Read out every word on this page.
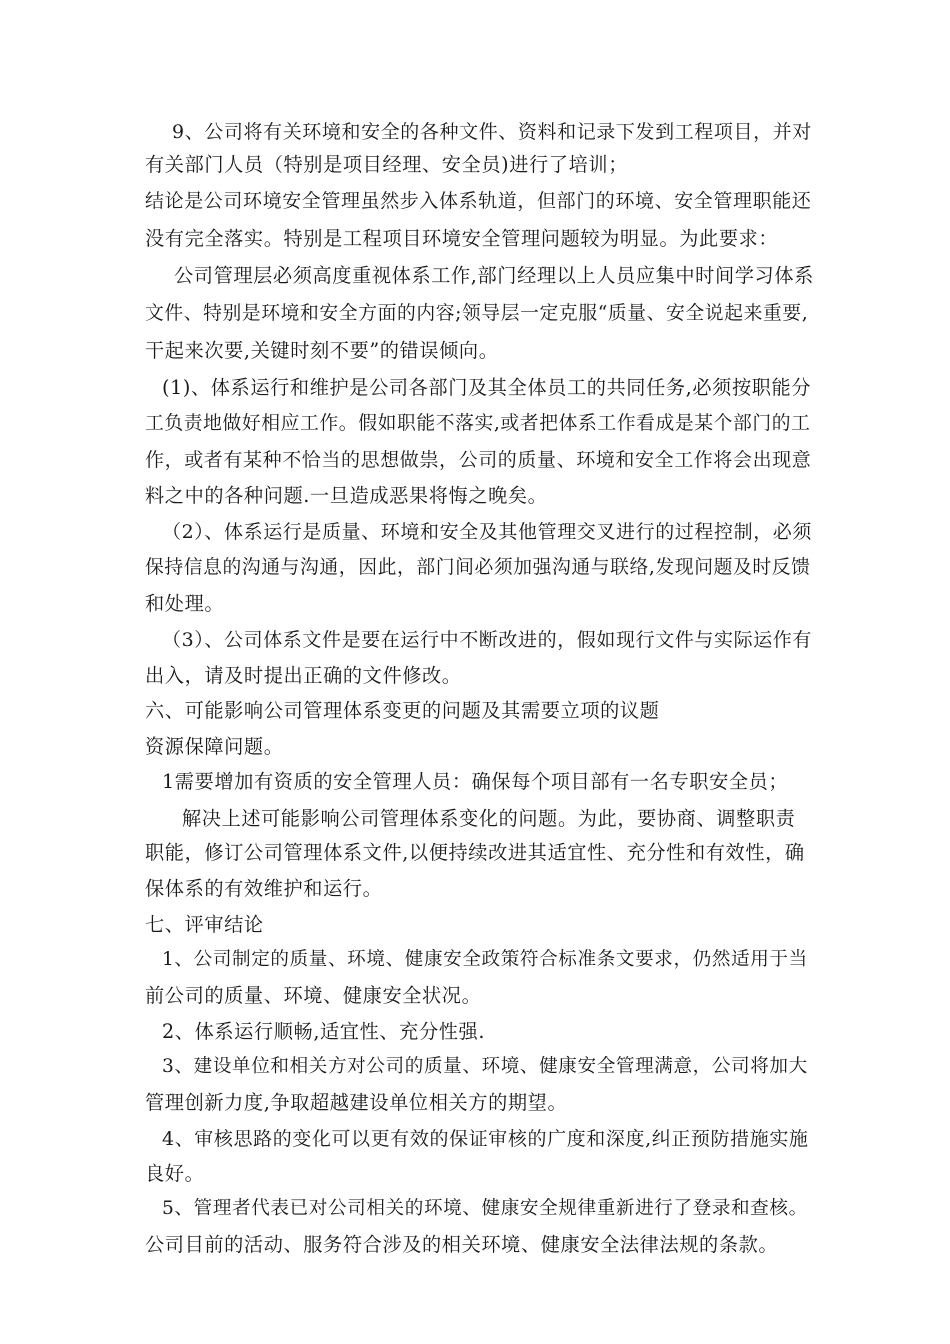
9、公司将有关环境和安全的各种文件、资料和记录下发到工程项目，并对
有关部门人员（特别是项目经理、安全员)进行了培训；
结论是公司环境安全管理虽然步入体系轨道，但部门的环境、安全管理职能还
没有完全落实。特别是工程项目环境安全管理问题较为明显。为此要求：
公司管理层必须高度重视体系工作,部门经理以上人员应集中时间学习体系
文件、特别是环境和安全方面的内容;领导层一定克服“质量、安全说起来重要,
干起来次要,关键时刻不要”的错误倾向。
(1)、体系运行和维护是公司各部门及其全体员工的共同任务,必须按职能分
工负责地做好相应工作。假如职能不落实,或者把体系工作看成是某个部门的工
作，或者有某种不恰当的思想做祟，公司的质量、环境和安全工作将会出现意
料之中的各种问题.一旦造成恶果将悔之晚矣。
（2）、体系运行是质量、环境和安全及其他管理交叉进行的过程控制，必须
保持信息的沟通与沟通，因此，部门间必须加强沟通与联络,发现问题及时反馈
和处理。
（3）、公司体系文件是要在运行中不断改进的，假如现行文件与实际运作有
出入，请及时提出正确的文件修改。
六、可能影响公司管理体系变更的问题及其需要立项的议题
资源保障问题。
1需要增加有资质的安全管理人员：确保每个项目部有一名专职安全员；
解决上述可能影响公司管理体系变化的问题。为此，要协商、调整职责
职能，修订公司管理体系文件,以便持续改进其适宜性、充分性和有效性，确
保体系的有效维护和运行。
七、评审结论
1、公司制定的质量、环境、健康安全政策符合标准条文要求，仍然适用于当
前公司的质量、环境、健康安全状况。
2、体系运行顺畅,适宜性、充分性强.
3、建设单位和相关方对公司的质量、环境、健康安全管理满意，公司将加大
管理创新力度,争取超越建设单位相关方的期望。
4、审核思路的变化可以更有效的保证审核的广度和深度,纠正预防措施实施
良好。
5、管理者代表已对公司相关的环境、健康安全规律重新进行了登录和查核。
公司目前的活动、服务符合涉及的相关环境、健康安全法律法规的条款。
